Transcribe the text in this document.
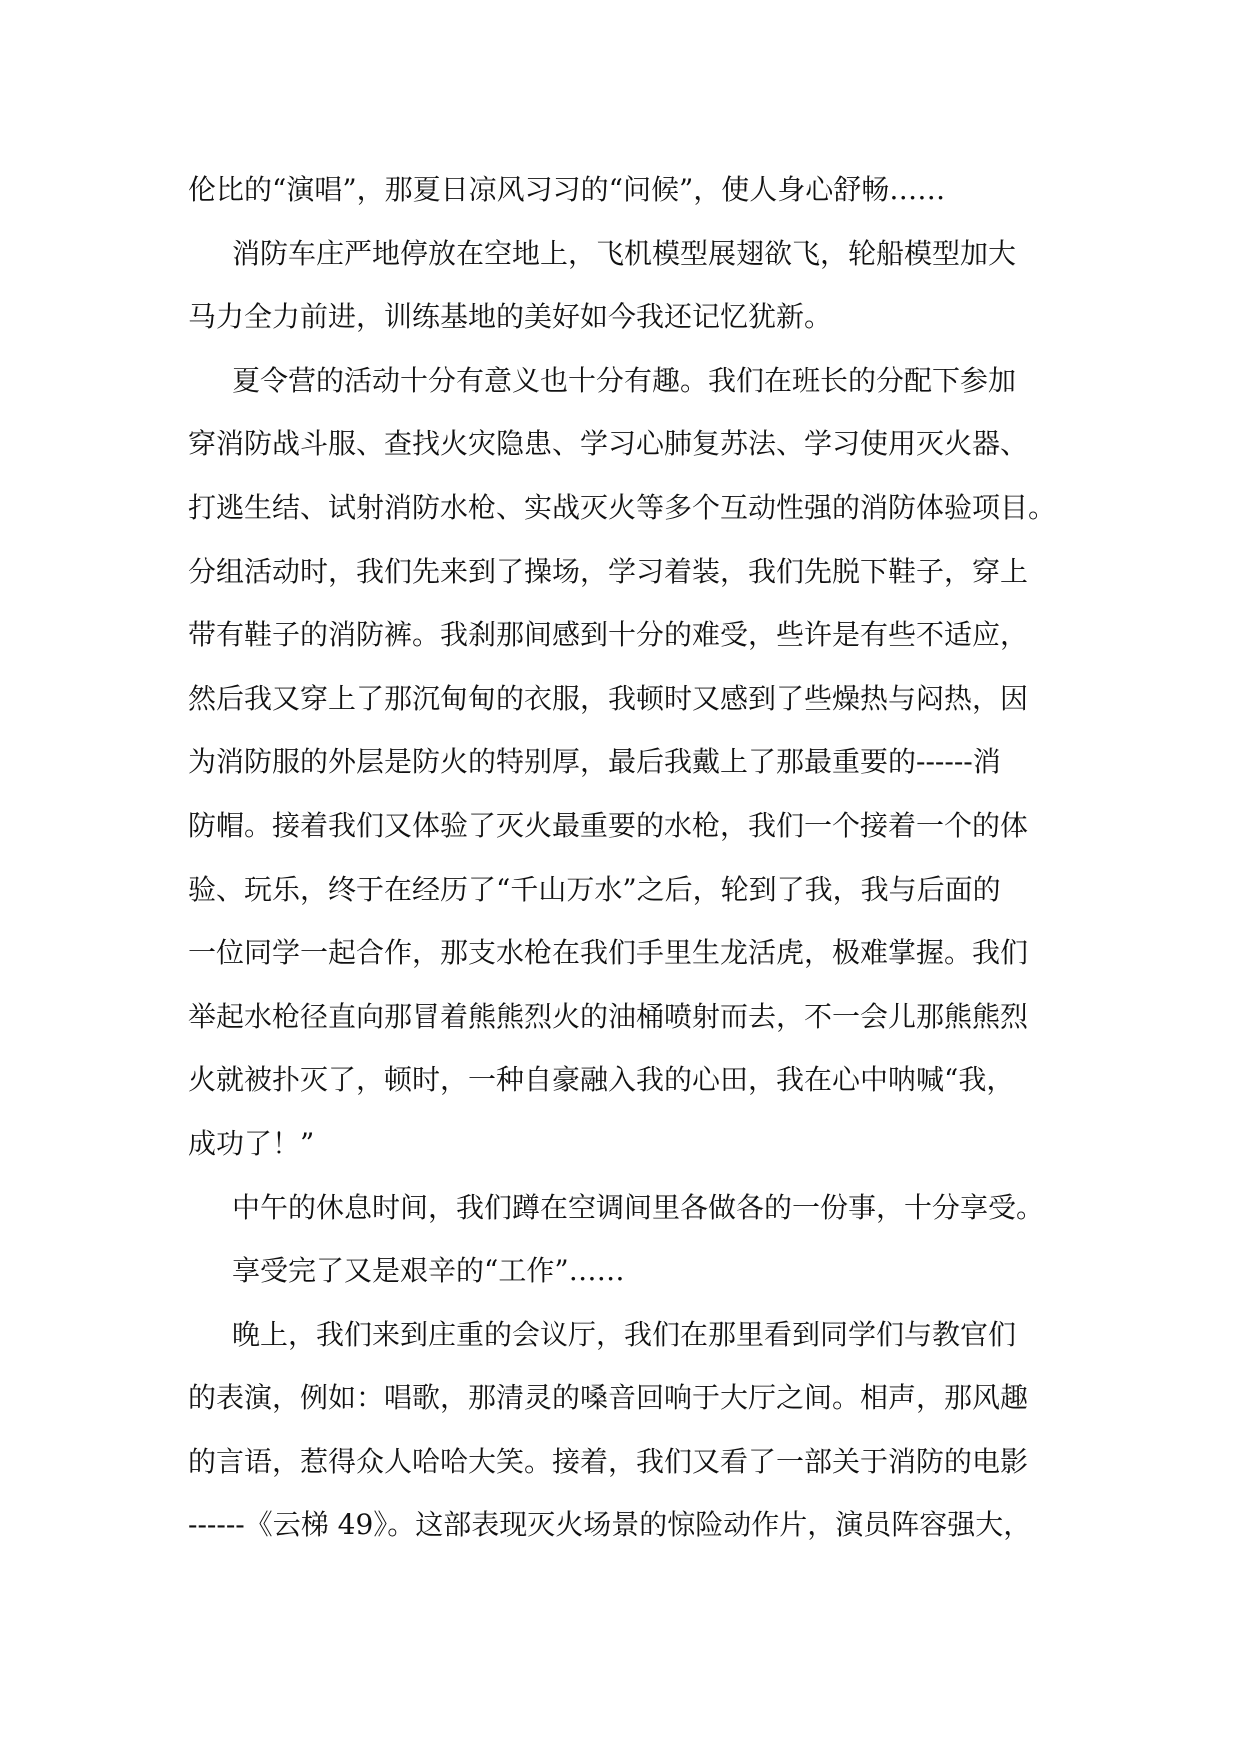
伦比的“演唱”，那夏日凉风习习的“问候”，使人身心舒畅……
消防车庄严地停放在空地上，飞机模型展翅欲飞，轮船模型加大
马力全力前进，训练基地的美好如今我还记忆犹新。
夏令营的活动十分有意义也十分有趣。我们在班长的分配下参加
穿消防战斗服、查找火灾隐患、学习心肺复苏法、学习使用灭火器、
打逃生结、试射消防水枪、实战灭火等多个互动性强的消防体验项目。
分组活动时，我们先来到了操场，学习着装，我们先脱下鞋子，穿上
带有鞋子的消防裤。我刹那间感到十分的难受，些许是有些不适应，
然后我又穿上了那沉甸甸的衣服，我顿时又感到了些燥热与闷热，因
为消防服的外层是防火的特别厚，最后我戴上了那最重要的------消
防帽。接着我们又体验了灭火最重要的水枪，我们一个接着一个的体
验、玩乐，终于在经历了“千山万水”之后，轮到了我，我与后面的
一位同学一起合作，那支水枪在我们手里生龙活虎，极难掌握。我们
举起水枪径直向那冒着熊熊烈火的油桶喷射而去，不一会儿那熊熊烈
火就被扑灭了，顿时，一种自豪融入我的心田，我在心中呐喊“我，
成功了！”
中午的休息时间，我们蹲在空调间里各做各的一份事，十分享受。
享受完了又是艰辛的“工作”……
晚上，我们来到庄重的会议厅，我们在那里看到同学们与教官们
的表演，例如：唱歌，那清灵的嗓音回响于大厅之间。相声，那风趣
的言语，惹得众人哈哈大笑。接着，我们又看了一部关于消防的电影
------《云梯 49》。这部表现灭火场景的惊险动作片，演员阵容强大，
